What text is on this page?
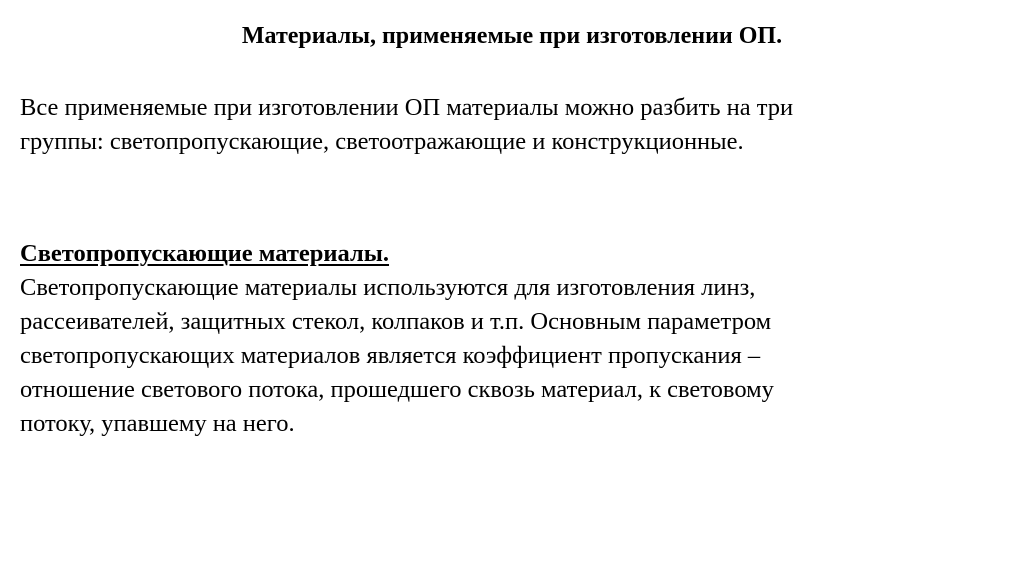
Материалы, применяемые при изготовлении ОП.

Все применяемые при изготовлении ОП материалы можно разбить на три
группы: светопропускающие, светоотражающие и конструкционные.

Светопропускающие материалы.

Светопропускающие материалы используются для изготовления линз,
рассеивателей, защитных стекол, колпаков и т.п. Основным параметром
светопропускающих материалов является коэффициент пропускания –
отношение светового потока, прошедшего сквозь материал, к световому
потоку, упавшему на него.
